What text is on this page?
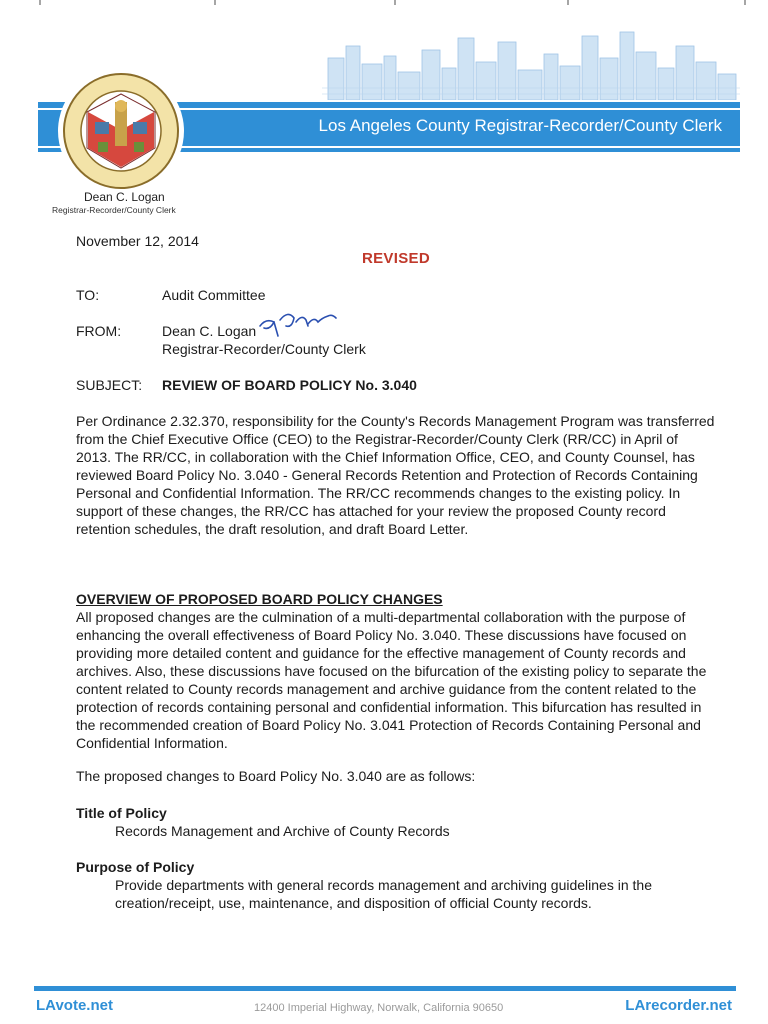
Los Angeles County Registrar-Recorder/County Clerk
Dean C. Logan
Registrar-Recorder/County Clerk
November 12, 2014
REVISED
TO:	Audit Committee
FROM:	Dean C. Logan
Registrar-Recorder/County Clerk
SUBJECT: REVIEW OF BOARD POLICY No. 3.040
Per Ordinance 2.32.370, responsibility for the County's Records Management Program was transferred from the Chief Executive Office (CEO) to the Registrar-Recorder/County Clerk (RR/CC) in April of 2013. The RR/CC, in collaboration with the Chief Information Office, CEO, and County Counsel, has reviewed Board Policy No. 3.040 - General Records Retention and Protection of Records Containing Personal and Confidential Information. The RR/CC recommends changes to the existing policy. In support of these changes, the RR/CC has attached for your review the proposed County record retention schedules, the draft resolution, and draft Board Letter.
OVERVIEW OF PROPOSED BOARD POLICY CHANGES
All proposed changes are the culmination of a multi-departmental collaboration with the purpose of enhancing the overall effectiveness of Board Policy No. 3.040. These discussions have focused on providing more detailed content and guidance for the effective management of County records and archives. Also, these discussions have focused on the bifurcation of the existing policy to separate the content related to County records management and archive guidance from the content related to the protection of records containing personal and confidential information. This bifurcation has resulted in the recommended creation of Board Policy No. 3.041 Protection of Records Containing Personal and Confidential Information.
The proposed changes to Board Policy No. 3.040 are as follows:
Title of Policy
Records Management and Archive of County Records
Purpose of Policy
Provide departments with general records management and archiving guidelines in the creation/receipt, use, maintenance, and disposition of official County records.
LAvote.net	12400 Imperial Highway, Norwalk, California 90650	LArecorder.net
